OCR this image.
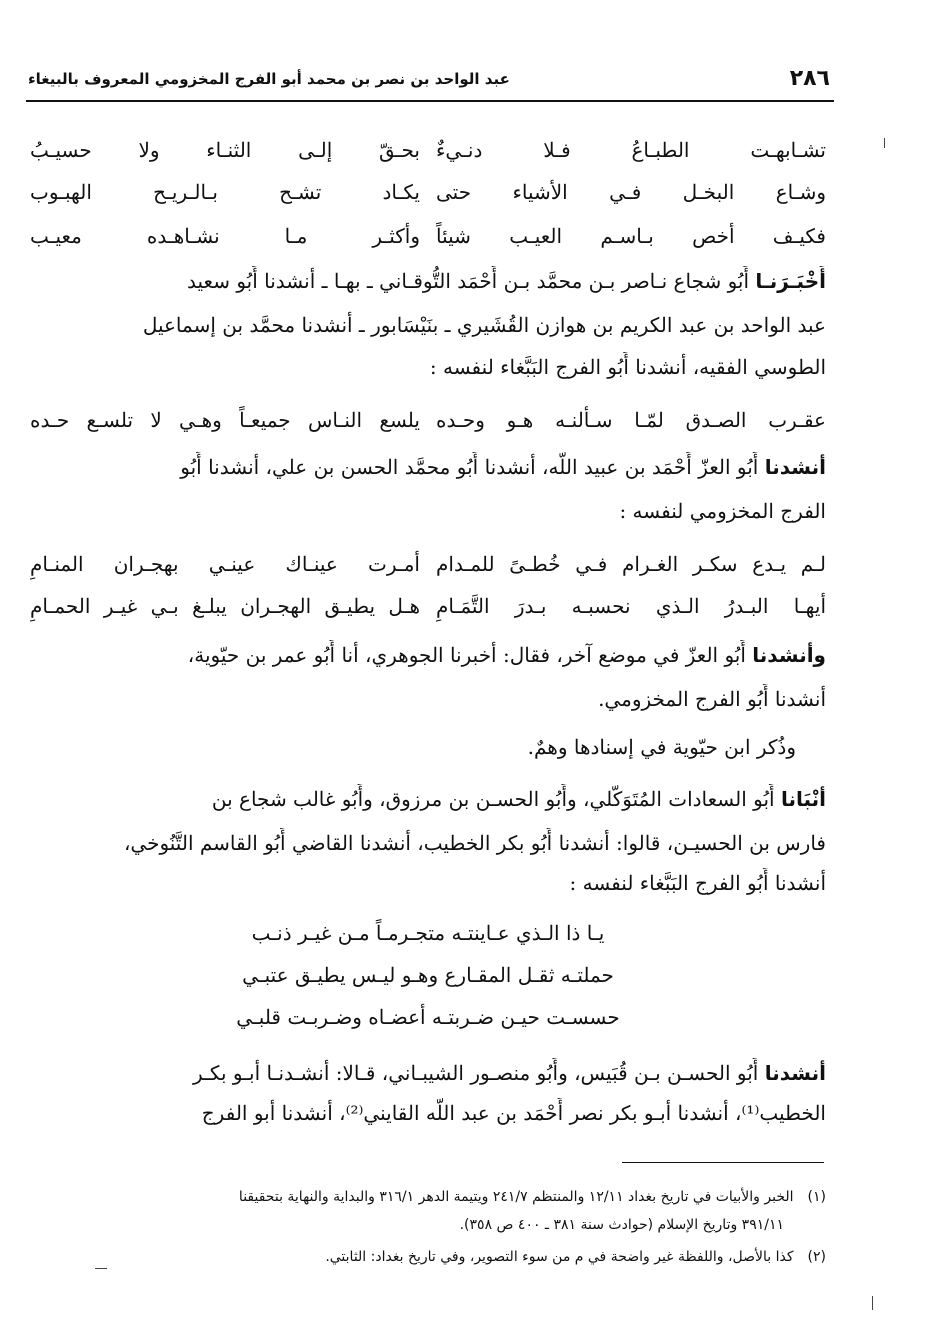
٢٨٦
عبد الواحد بن نصر بن محمد أبو الفرج المخزومي المعروف بالبيغاء
تشـابهـت الطبـاعُ فـلا دنـيءٌ
بحـقّ إلـى الثنـاء ولا حسيـبُ
وشـاع البخـل فـي الأشياء حتى
يكـاد تشـح بـالـريـح الهبـوب
فكيـف أخص بـاسـم العيـب شيئاً
وأكثـر مـا نشـاهـده معيـب
أَخْبَـرَنـا أَبُو شجاع نـاصر بـن محمَّد بـن أَحْمَد التُّوقـاني ـ بهـا ـ أنشدنا أَبُو سعيد
عبد الواحد بن عبد الكريم بن هوازن القُشَيري ـ بنَيْسَابور ـ أنشدنا محمَّد بن إسماعيل
الطوسي الفقيه، أنشدنا أَبُو الفرج البَبَّغاء لنفسه :
عقـرب الصـدق لمّـا سـألنـه هـو وحـده
يلسع النـاس جميعـاً وهـي لا تلسـع حـده
أنشدنا أَبُو العزّ أَحْمَد بن عبيد اللَّه، أنشدنا أَبُو محمَّد الحسن بن علي، أنشدنا أَبُو
الفرج المخزومي لنفسه :
لـم يـدع سكـر الغـرام فـي خُطـىً للمـدام
أمـرت عينـاك عينـي بهجـران المنـامِ
أيهـا البـدرُ الـذي نحسبـه بـدرَ التَّمَـامِ
هـل يطيـق الهجـران يبلـغ بـي غيـر الحمـامِ
وأنشدنا أَبُو العزّ في موضع آخر، فقال: أخبرنا الجوهري، أنا أَبُو عمر بن حيّوية،
أنشدنا أَبُو الفرج المخزومي.
وذُكر ابن حيّوية في إسنادها وهمٌ.
أنْبَانا أَبُو السعادات المُتَوَكّلي، وأَبُو الحسـن بن مرزوق، وأَبُو غالب شجاع بن
فارس بن الحسيـن، قالوا: أنشدنا أَبُو بكر الخطيب، أنشدنا القاضي أَبُو القاسم التَّنُوخي،
أنشدنا أَبُو الفرج البَبَّغاء لنفسه :
يـا ذا الـذي عـاينتـه متجـرمـاً مـن غيـر ذنـب
حملتـه ثقـل المقـارع وهـو ليـس يطيـق عتبـي
حسسـت حيـن ضـربتـه أعضـاه وضـربـت قلبـي
أنشدنا أَبُو الحسـن بـن قُبَيس، وأَبُو منصـور الشيبـاني، قـالا: أنشـدنـا أبـو بكـر
الخطيب⁽¹⁾، أنشدنا أبـو بكر نصر أَحْمَد بن عبد اللَّه القايني⁽²⁾، أنشدنا أبو الفرج
(١)الخبر والأبيات في تاريخ بغداد ١٢/١١ والمنتظم ٢٤١/٧ ويتيمة الدهر ٣١٦/١ والبداية والنهاية بتحقيقنا
٣٩١/١١ وتاريخ الإسلام (حوادث سنة ٣٨١ ـ ٤٠٠ ص ٣٥٨).
(٢)كذا بالأصل، واللفظة غير واضحة في م من سوء التصوير، وفي تاريخ بغداد: الثابتي.
